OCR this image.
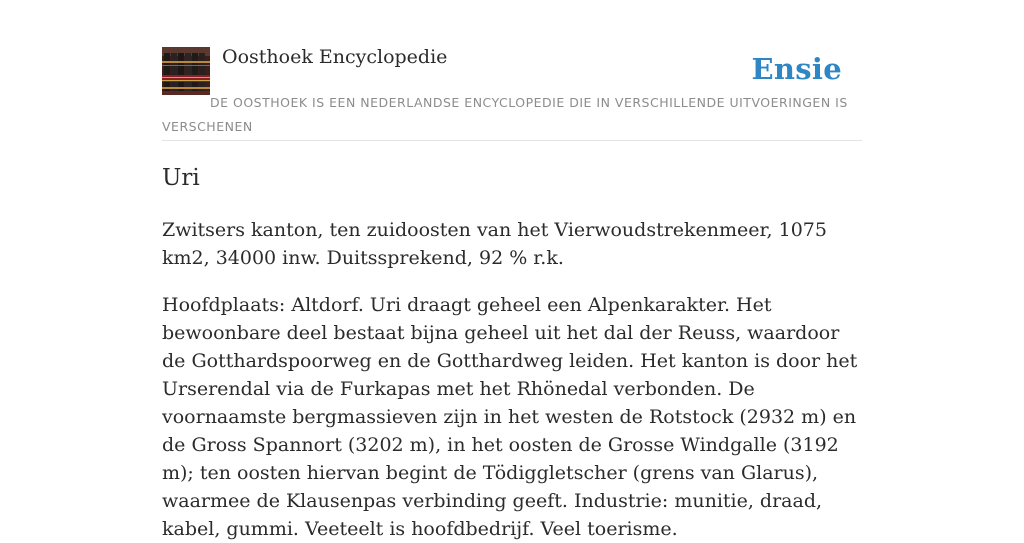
Oosthoek Encyclopedie	Ensie
DE OOSTHOEK IS EEN NEDERLANDSE ENCYCLOPEDIE DIE IN VERSCHILLENDE UITVOERINGEN IS VERSCHENEN
Uri

Zwitsers kanton, ten zuidoosten van het Vierwoudstrekenmeer, 1075 km2, 34000 inw. Duitssprekend, 92 % r.k.

Hoofdplaats: Altdorf. Uri draagt geheel een Alpenkarakter. Het bewoonbare deel bestaat bijna geheel uit het dal der Reuss, waardoor de Gotthardspoorweg en de Gotthardweg leiden. Het kanton is door het Urserendal via de Furkapas met het Rhönedal verbonden. De voornaamste bergmassieven zijn in het westen de Rotstock (2932 m) en de Gross Spannort (3202 m), in het oosten de Grosse Windgalle (3192 m); ten oosten hiervan begint de Tödiggletscher (grens van Glarus), waarmee de Klausenpas verbinding geeft. Industrie: munitie, draad, kabel, gummi. Veeteelt is hoofdbedrijf. Veel toerisme.
